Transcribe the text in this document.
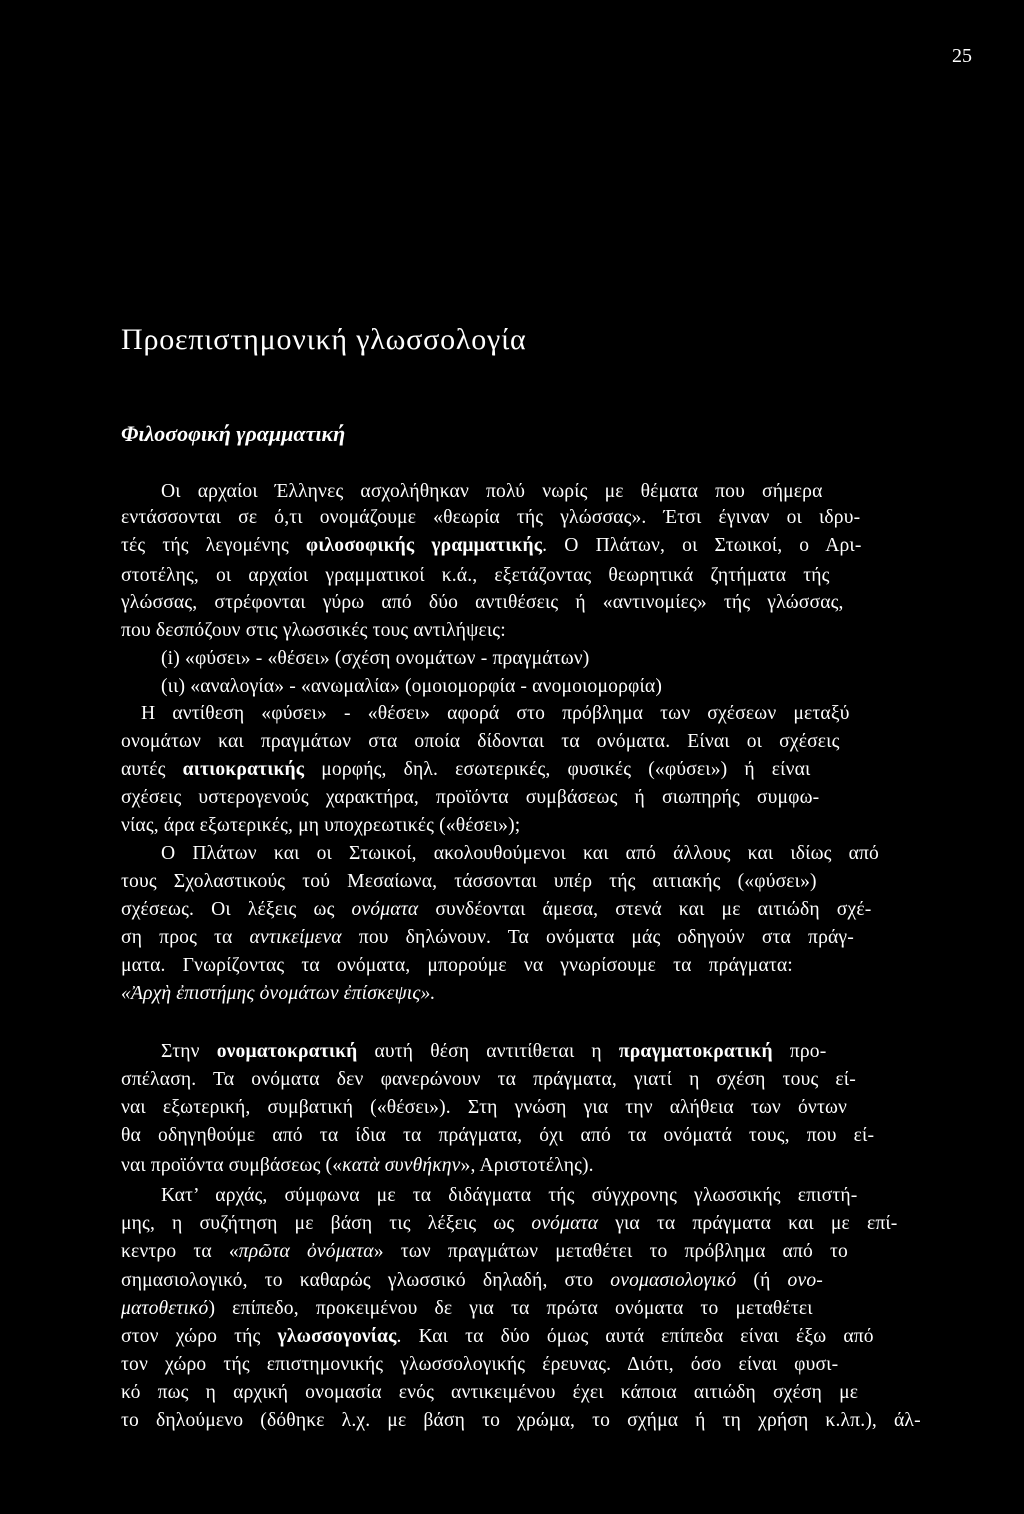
25
Προεπιστημονική γλωσσολογία
Φιλοσοφική γραμματική
Οι αρχαίοι Έλληνες ασχολήθηκαν πολύ νωρίς με θέματα που σήμερα
εντάσσονται σε ό,τι ονομάζουμε «θεωρία τής γλώσσας». Έτσι έγιναν οι ιδρυ-
τές τής λεγομένης φιλοσοφικής γραμματικής. Ο Πλάτων, οι Στωικοί, ο Αρι-
στοτέλης, οι αρχαίοι γραμματικοί κ.ά., εξετάζοντας θεωρητικά ζητήματα τής
γλώσσας, στρέφονται γύρω από δύο αντιθέσεις ή «αντινομίες» τής γλώσσας,
που δεσπόζουν στις γλωσσικές τους αντιλήψεις:
(i) «φύσει» - «θέσει» (σχέση ονομάτων - πραγμάτων)
(ιι) «αναλογία» - «ανωμαλία» (ομοιομορφία - ανομοιομορφία)
Η αντίθεση «φύσει» - «θέσει» αφορά στο πρόβλημα των σχέσεων μεταξύ
ονομάτων και πραγμάτων στα οποία δίδονται τα ονόματα. Είναι οι σχέσεις
αυτές αιτιοκρατικής μορφής, δηλ. εσωτερικές, φυσικές («φύσει») ή είναι
σχέσεις υστερογενούς χαρακτήρα, προϊόντα συμβάσεως ή σιωπηρής συμφω-
νίας, άρα εξωτερικές, μη υποχρεωτικές («θέσει»);
Ο Πλάτων και οι Στωικοί, ακολουθούμενοι και από άλλους και ιδίως από
τους Σχολαστικούς τού Μεσαίωνα, τάσσονται υπέρ τής αιτιακής («φύσει»)
σχέσεως. Οι λέξεις ως ονόματα συνδέονται άμεσα, στενά και με αιτιώδη σχέ-
ση προς τα αντικείμενα που δηλώνουν. Τα ονόματα μάς οδηγούν στα πράγ-
ματα. Γνωρίζοντας τα ονόματα, μπορούμε να γνωρίσουμε τα πράγματα:
«Ἀρχὴ ἐπιστήμης ὀνομάτων ἐπίσκεψις».
Στην ονοματοκρατική αυτή θέση αντιτίθεται η πραγματοκρατική προ-
σπέλαση. Τα ονόματα δεν φανερώνουν τα πράγματα, γιατί η σχέση τους εί-
ναι εξωτερική, συμβατική («θέσει»). Στη γνώση για την αλήθεια των όντων
θα οδηγηθούμε από τα ίδια τα πράγματα, όχι από τα ονόματά τους, που εί-
ναι προϊόντα συμβάσεως («κατὰ συνθήκην», Αριστοτέλης).
Κατ’ αρχάς, σύμφωνα με τα διδάγματα τής σύγχρονης γλωσσικής επιστή-
μης, η συζήτηση με βάση τις λέξεις ως ονόματα για τα πράγματα και με επί-
κεντρο τα «πρῶτα ὀνόματα» των πραγμάτων μεταθέτει το πρόβλημα από το
σημασιολογικό, το καθαρώς γλωσσικό δηλαδή, στο ονομασιολογικό (ή ονο-
ματοθετικό) επίπεδο, προκειμένου δε για τα πρώτα ονόματα το μεταθέτει
στον χώρο τής γλωσσογονίας. Και τα δύο όμως αυτά επίπεδα είναι έξω από
τον χώρο τής επιστημονικής γλωσσολογικής έρευνας. Διότι, όσο είναι φυσι-
κό πως η αρχική ονομασία ενός αντικειμένου έχει κάποια αιτιώδη σχέση με
το δηλούμενο (δόθηκε λ.χ. με βάση το χρώμα, το σχήμα ή τη χρήση κ.λπ.), άλ-
